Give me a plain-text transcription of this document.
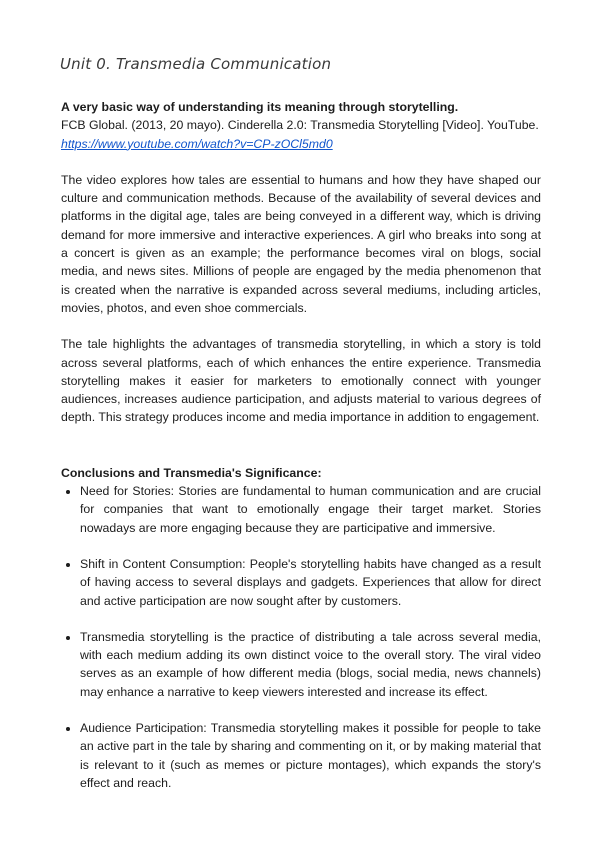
Unit 0. Transmedia Communication
A very basic way of understanding its meaning through storytelling.
FCB Global. (2013, 20 mayo). Cinderella 2.0: Transmedia Storytelling [Video]. YouTube.
https://www.youtube.com/watch?v=CP-zOCl5md0

The video explores how tales are essential to humans and how they have shaped our culture and communication methods. Because of the availability of several devices and platforms in the digital age, tales are being conveyed in a different way, which is driving demand for more immersive and interactive experiences. A girl who breaks into song at a concert is given as an example; the performance becomes viral on blogs, social media, and news sites. Millions of people are engaged by the media phenomenon that is created when the narrative is expanded across several mediums, including articles, movies, photos, and even shoe commercials.

The tale highlights the advantages of transmedia storytelling, in which a story is told across several platforms, each of which enhances the entire experience. Transmedia storytelling makes it easier for marketers to emotionally connect with younger audiences, increases audience participation, and adjusts material to various degrees of depth. This strategy produces income and media importance in addition to engagement.

Conclusions and Transmedia's Significance:
• Need for Stories: Stories are fundamental to human communication and are crucial for companies that want to emotionally engage their target market. Stories nowadays are more engaging because they are participative and immersive.
• Shift in Content Consumption: People's storytelling habits have changed as a result of having access to several displays and gadgets. Experiences that allow for direct and active participation are now sought after by customers.
• Transmedia storytelling is the practice of distributing a tale across several media, with each medium adding its own distinct voice to the overall story. The viral video serves as an example of how different media (blogs, social media, news channels) may enhance a narrative to keep viewers interested and increase its effect.
• Audience Participation: Transmedia storytelling makes it possible for people to take an active part in the tale by sharing and commenting on it, or by making material that is relevant to it (such as memes or picture montages), which expands the story's effect and reach.
